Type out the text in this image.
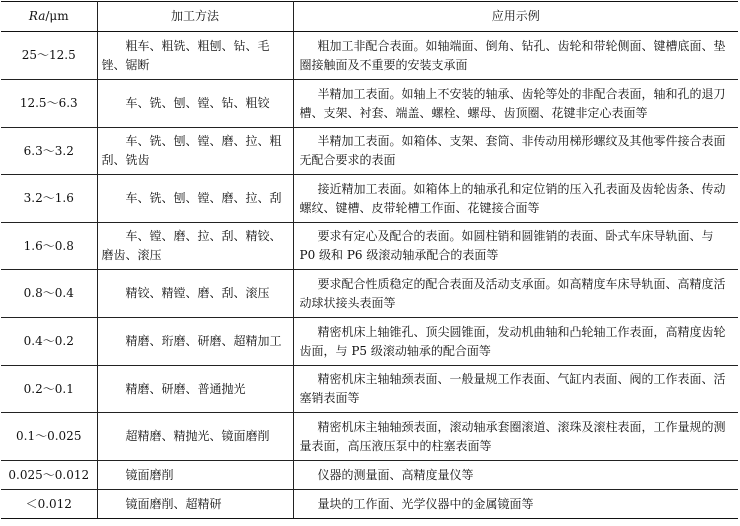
Ra/μm	加工方法	应用示例
25～12.5	粗车、粗铣、粗刨、钻、毛锉、锯断	粗加工非配合表面。如轴端面、倒角、钻孔、齿轮和带轮侧面、键槽底面、垫圈接触面及不重要的安装支承面
12.5～6.3	车、铣、刨、镗、钻、粗铰	半精加工表面。如轴上不安装的轴承、齿轮等处的非配合表面，轴和孔的退刀槽、支架、衬套、端盖、螺栓、螺母、齿顶圈、花键非定心表面等
6.3～3.2	车、铣、刨、镗、磨、拉、粗刮、铣齿	半精加工表面。如箱体、支架、套筒、非传动用梯形螺纹及其他零件接合表面无配合要求的表面
3.2～1.6	车、铣、刨、镗、磨、拉、刮	接近精加工表面。如箱体上的轴承孔和定位销的压入孔表面及齿轮齿条、传动螺纹、键槽、皮带轮槽工作面、花键接合面等
1.6～0.8	车、镗、磨、拉、刮、精铰、磨齿、滚压	要求有定心及配合的表面。如圆柱销和圆锥销的表面、卧式车床导轨面、与 P0 级和 P6 级滚动轴承配合的表面等
0.8～0.4	精铰、精镗、磨、刮、滚压	要求配合性质稳定的配合表面及活动支承面。如高精度车床导轨面、高精度活动球状接头表面等
0.4～0.2	精磨、珩磨、研磨、超精加工	精密机床上轴锥孔、顶尖圆锥面，发动机曲轴和凸轮轴工作表面，高精度齿轮齿面，与 P5 级滚动轴承的配合面等
0.2～0.1	精磨、研磨、普通抛光	精密机床主轴轴颈表面、一般量规工作表面、气缸内表面、阀的工作表面、活塞销表面等
0.1～0.025	超精磨、精抛光、镜面磨削	精密机床主轴轴颈表面，滚动轴承套圈滚道、滚珠及滚柱表面，工作量规的测量表面，高压液压泵中的柱塞表面等
0.025～0.012	镜面磨削	仪器的测量面、高精度量仪等
＜0.012	镜面磨削、超精研	量块的工作面、光学仪器中的金属镜面等
